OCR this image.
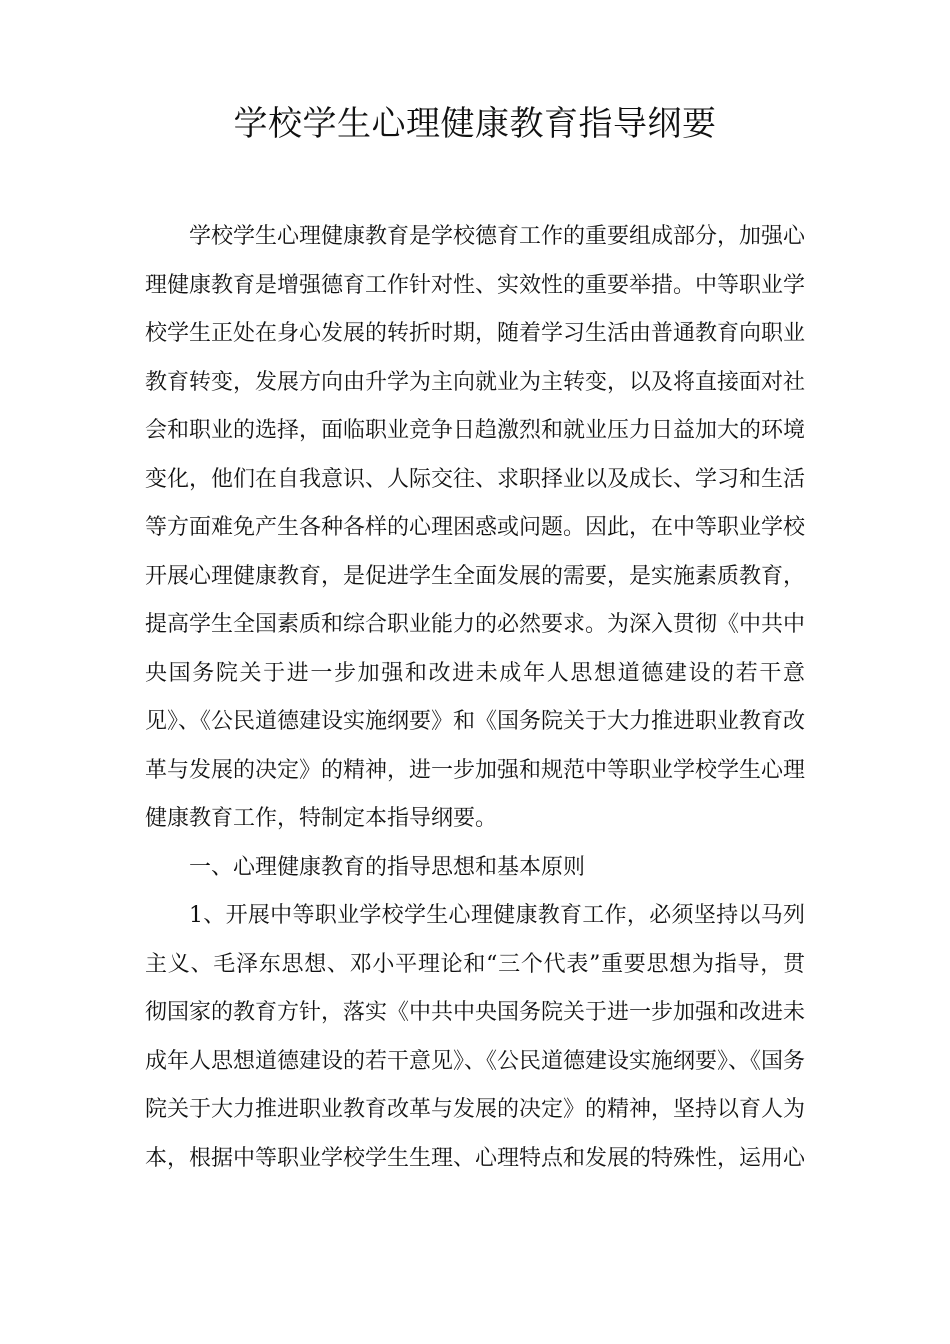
学校学生心理健康教育指导纲要

学校学生心理健康教育是学校德育工作的重要组成部分，加强心理健康教育是增强德育工作针对性、实效性的重要举措。中等职业学校学生正处在身心发展的转折时期，随着学习生活由普通教育向职业教育转变，发展方向由升学为主向就业为主转变，以及将直接面对社会和职业的选择，面临职业竞争日趋激烈和就业压力日益加大的环境变化，他们在自我意识、人际交往、求职择业以及成长、学习和生活等方面难免产生各种各样的心理困惑或问题。因此，在中等职业学校开展心理健康教育，是促进学生全面发展的需要，是实施素质教育，提高学生全国素质和综合职业能力的必然要求。为深入贯彻《中共中央国务院关于进一步加强和改进未成年人思想道德建设的若干意见》、《公民道德建设实施纲要》和《国务院关于大力推进职业教育改革与发展的决定》的精神，进一步加强和规范中等职业学校学生心理健康教育工作，特制定本指导纲要。

一、心理健康教育的指导思想和基本原则

1、开展中等职业学校学生心理健康教育工作，必须坚持以马列主义、毛泽东思想、邓小平理论和“三个代表”重要思想为指导，贯彻国家的教育方针，落实《中共中央国务院关于进一步加强和改进未成年人思想道德建设的若干意见》、《公民道德建设实施纲要》、《国务院关于大力推进职业教育改革与发展的决定》的精神，坚持以育人为本，根据中等职业学校学生生理、心理特点和发展的特殊性，运用心
